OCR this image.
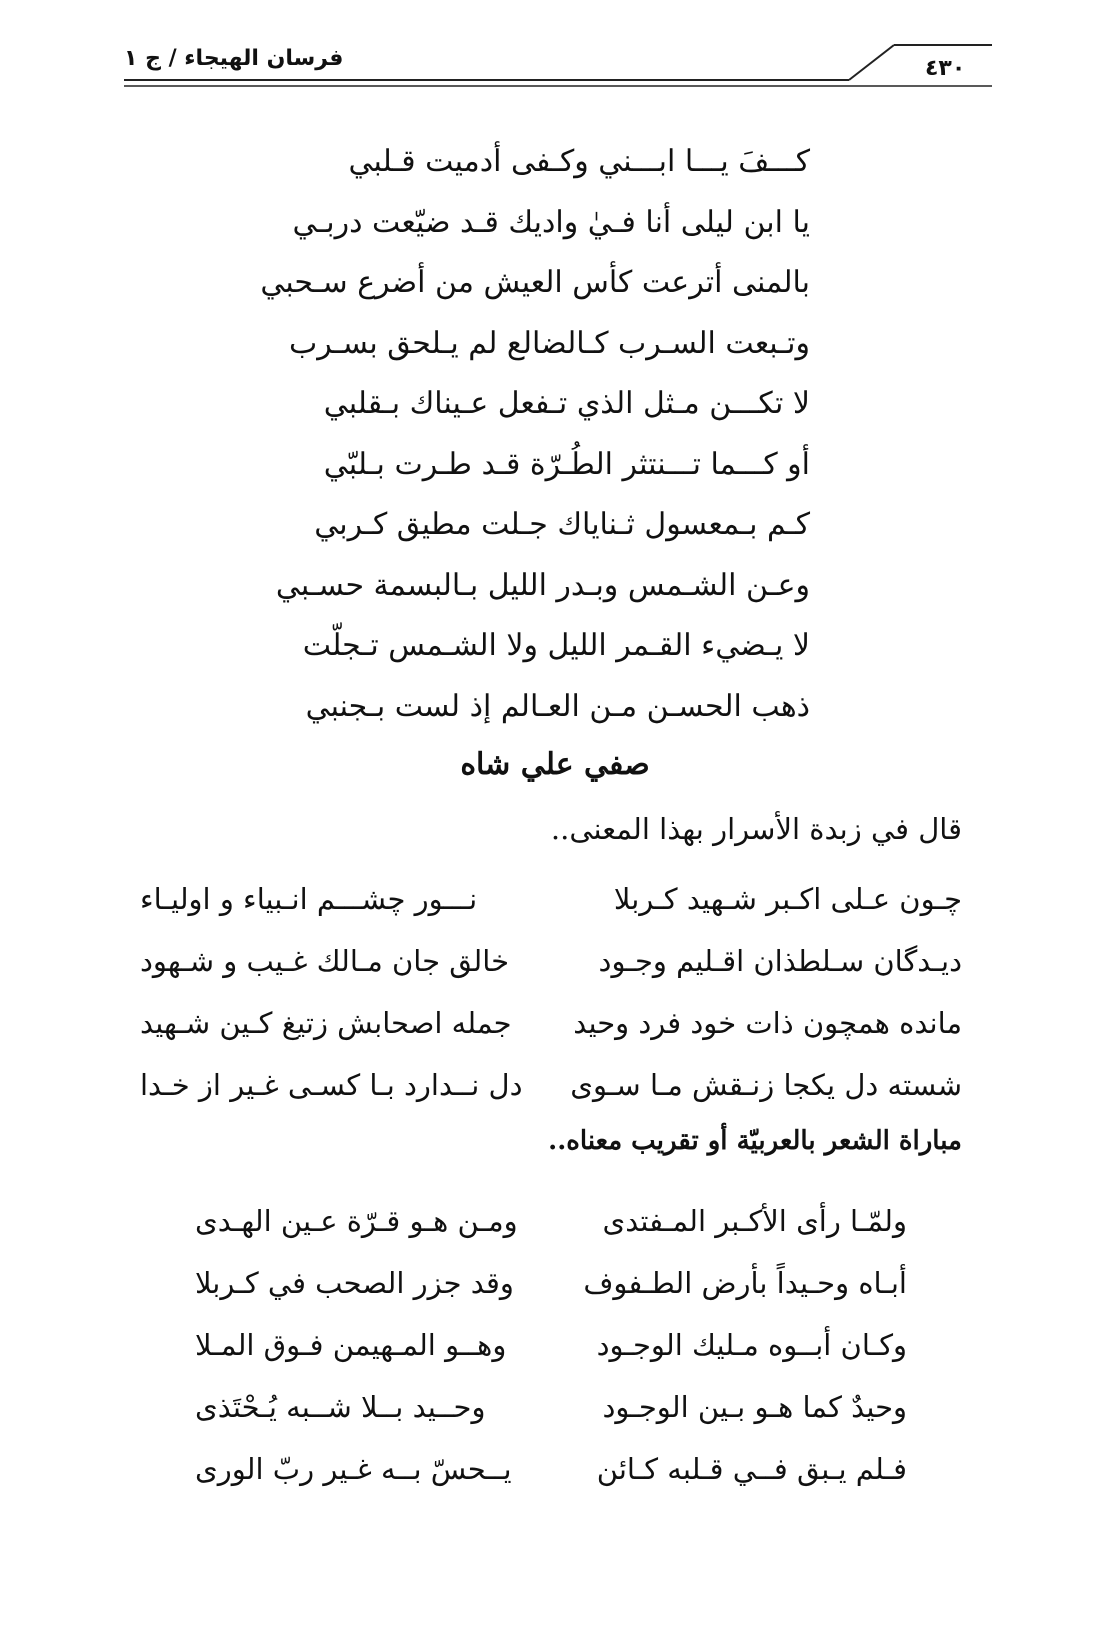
فرسان الهيجاء / ج ١	٤٣٠
كـــفَ يـــا ابـــني وكـفى أدميت قـلبي
يا ابن ليلى أنا فـيٰ واديك قـد ضيّعت دربـي
بالمنى أترعت كأس العيش من أضرع سـحبي
وتـبعت السـرب كـالضالع لم يـلحق بسـرب
لا تكـــن مـثل الذي تـفعل عـيناك بـقلبي
أو كـــما تـــنتثر الطُـرّة قـد طـرت بـلبّي
كـم بـمعسول ثـناياك جـلت مطيق كـربي
وعـن الشـمس وبـدر الليل بـالبسمة حسـبي
لا يـضيء القـمر الليل ولا الشـمس تـجلّت
ذهب الحسـن مـن العـالم إذ لست بـجنبي
صفي علي شاه
قال في زبدة الأسرار بهذا المعنى..
چـون عـلى اكـبر شـهيد كـربلا
نـــور چشـــم انـبياء و اوليـاء
ديـدگان سـلطذان اقـليم وجـود
خالق جان مـالك غـيب و شـهود
مانده همچون ذات خود فرد وحيد
جمله اصحابش زتيغ كـين شـهيد
شسته دل يكجا زنـقش مـا سـوى
دل نــدارد بـا كسـى غـير از خـدا
مباراة الشعر بالعربيّة أو تقريب معناه..
ولمّـا رأى الأكـبر المـفتدى
ومـن هـو قـرّة عـين الهـدى
أبـاه وحـيداً بأرض الطـفوف
وقد جزر الصحب في كـربلا
وكـان أبــوه مـليك الوجـود
وهــو المـهيمن فـوق المـلا
وحيدٌ كما هـو بـين الوجـود
وحــيد بــلا شــبه يُـحْتَذى
فـلم يـبق فــي قـلبه كـائن
يــحسّ بــه غـير ربّ الورى
